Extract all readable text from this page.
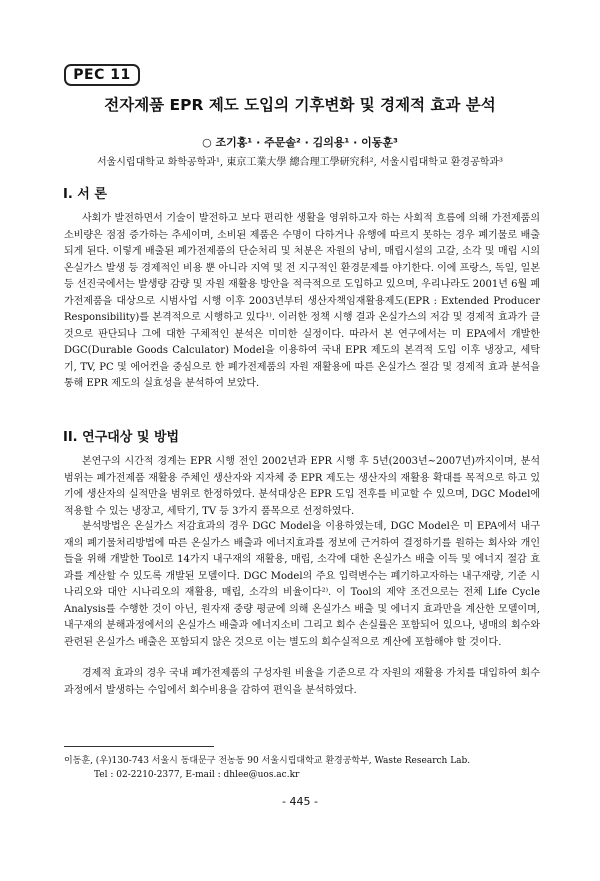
PEC 11
전자제품 EPR 제도 도입의 기후변화 및 경제적 효과 분석
○ 조기홍¹ · 주문솔² · 김의용¹ · 이동훈³
서울시립대학교 화학공학과¹, 東京工業大學 總合理工學研究科², 서울시립대학교 환경공학과³
I. 서 론

사회가 발전하면서 기술이 발전하고 보다 편리한 생활을 영위하고자 하는 사회적 흐름에 의해 가전제품의 소비량은 점점 증가하는 추세이며, 소비된 제품은 수명이 다하거나 유행에 따르지 못하는 경우 폐기물로 배출되게 된다. 이렇게 배출된 폐가전제품의 단순처리 및 처분은 자원의 낭비, 매립시설의 고갈, 소각 및 매립 시의 온실가스 발생 등 경제적인 비용 뿐 아니라 지역 및 전 지구적인 환경문제를 야기한다. 이에 프랑스, 독일, 일본 등 선진국에서는 발생량 감량 및 자원 재활용 방안을 적극적으로 도입하고 있으며, 우리나라도 2001년 6월 폐가전제품을 대상으로 시범사업 시행 이후 2003년부터 생산자책임재활용제도(EPR : Extended Producer Responsibility)를 본격적으로 시행하고 있다¹⁾. 이러한 정책 시행 결과 온실가스의 저감 및 경제적 효과가 클 것으로 판단되나 그에 대한 구체적인 분석은 미미한 실정이다. 따라서 본 연구에서는 미 EPA에서 개발한 DGC(Durable Goods Calculator) Model을 이용하여 국내 EPR 제도의 본격적 도입 이후 냉장고, 세탁기, TV, PC 및 에어컨을 중심으로 한 폐가전제품의 자원 재활용에 따른 온실가스 절감 및 경제적 효과 분석을 통해 EPR 제도의 실효성을 분석하여 보았다.

II. 연구대상 및 방법

본연구의 시간적 경계는 EPR 시행 전인 2002년과 EPR 시행 후 5년(2003년~2007년)까지이며, 분석범위는 폐가전제품 재활용 주체인 생산자와 지자체 중 EPR 제도는 생산자의 재활용 확대를 목적으로 하고 있기에 생산자의 실적만을 범위로 한정하였다. 분석대상은 EPR 도입 전후를 비교할 수 있으며, DGC Model에 적용할 수 있는 냉장고, 세탁기, TV 등 3가지 품목으로 선정하였다.

분석방법은 온실가스 저감효과의 경우 DGC Model을 이용하였는데, DGC Model은 미 EPA에서 내구재의 폐기물처리방법에 따른 온실가스 배출과 에너지효과를 정보에 근거하여 결정하기를 원하는 회사와 개인들을 위해 개발한 Tool로 14가지 내구재의 재활용, 매립, 소각에 대한 온실가스 배출 이득 및 에너지 절감 효과를 계산할 수 있도록 개발된 모델이다. DGC Model의 주요 입력변수는 폐기하고자하는 내구재량, 기준 시나리오와 대안 시나리오의 재활용, 매립, 소각의 비율이다²⁾. 이 Tool의 제약 조건으로는 전체 Life Cycle Analysis를 수행한 것이 아닌, 원자재 중량 평균에 의해 온실가스 배출 및 에너지 효과만을 계산한 모델이며, 내구재의 분해과정에서의 온실가스 배출과 에너지소비 그리고 회수 손실률은 포함되어 있으나, 냉매의 회수와 관련된 온실가스 배출은 포함되지 않은 것으로 이는 별도의 회수실적으로 계산에 포함해야 할 것이다.

경제적 효과의 경우 국내 폐가전제품의 구성자원 비율을 기준으로 각 자원의 재활용 가치를 대입하여 회수과정에서 발생하는 수입에서 회수비용을 감하여 편익을 분석하였다.

이동훈, (우)130-743 서울시 동대문구 전농동 90 서울시립대학교 환경공학부, Waste Research Lab.
Tel : 02-2210-2377, E-mail : dhlee@uos.ac.kr
- 445 -
